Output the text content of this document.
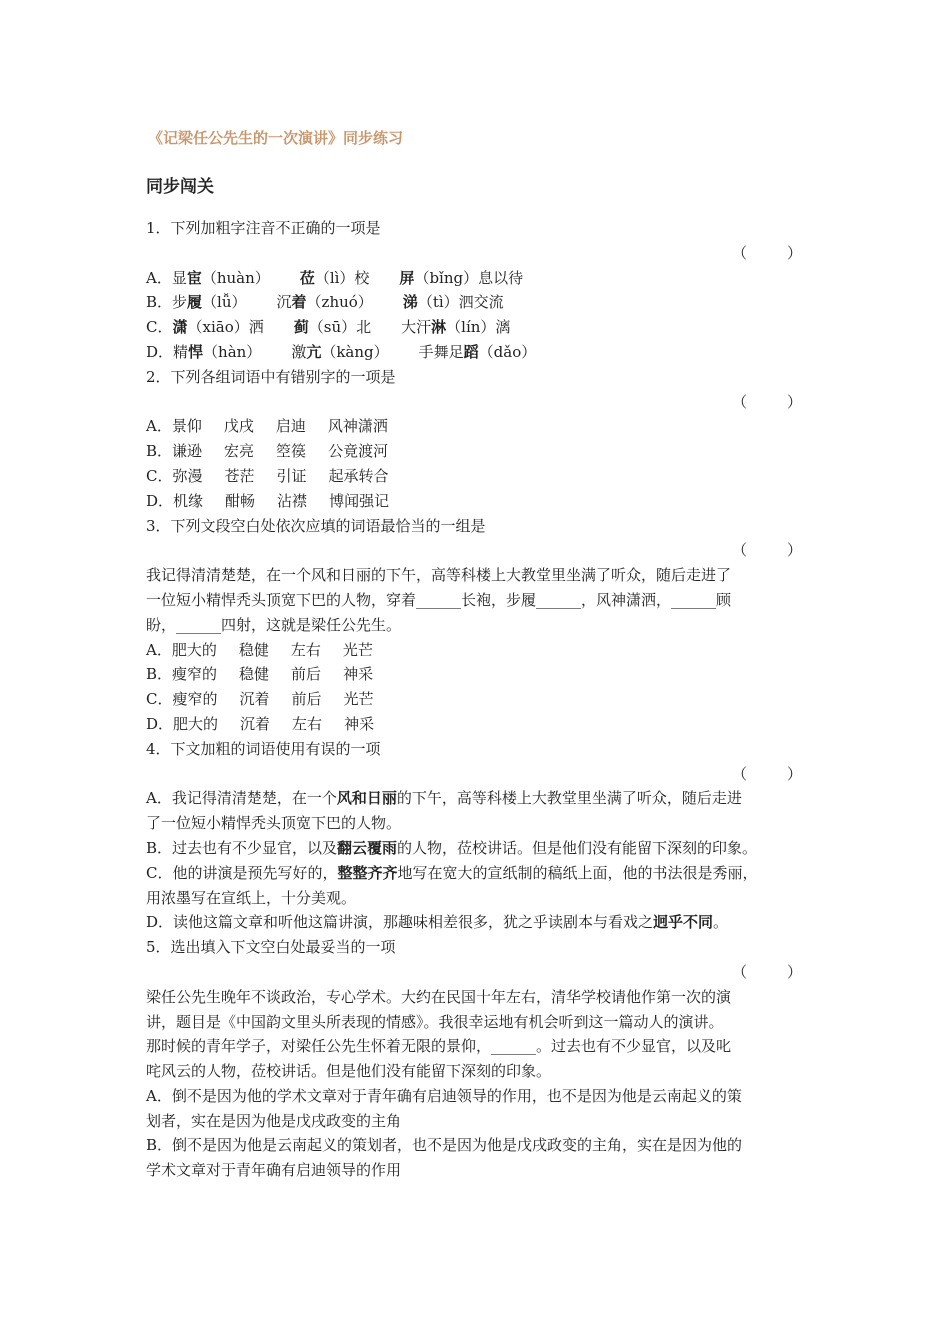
《记梁任公先生的一次演讲》同步练习
同步闯关
1．下列加粗字注音不正确的一项是
（	）
A．显宦（huàn） 莅（lì）校 屏（bǐng）息以待
B．步履（lǚ） 沉着（zhuó） 涕（tì）泗交流
C．潇（xiāo）洒 蓟（sū）北 大汗淋（lín）漓
D．精悍（hàn） 激亢（kàng） 手舞足蹈（dǎo）
2．下列各组词语中有错别字的一项是
（	）
A．景仰 戊戌 启迪 风神潇洒
B．谦逊 宏亮 箜篌 公竟渡河
C．弥漫 苍茫 引证 起承转合
D．机缘 酣畅 沾襟 博闻强记
3．下列文段空白处依次应填的词语最恰当的一组是
（	）
我记得清清楚楚，在一个风和日丽的下午，高等科楼上大教堂里坐满了听众，随后走进了
一位短小精悍秃头顶宽下巴的人物，穿着______长袍，步履______，风神潇洒，______顾
盼，______四射，这就是梁任公先生。
A．肥大的 稳健 左右 光芒
B．瘦窄的 稳健 前后 神采
C．瘦窄的 沉着 前后 光芒
D．肥大的 沉着 左右 神采
4．下文加粗的词语使用有误的一项
（	）
A．我记得清清楚楚，在一个风和日丽的下午，高等科楼上大教堂里坐满了听众，随后走进
了一位短小精悍秃头顶宽下巴的人物。
B．过去也有不少显官，以及翻云覆雨的人物，莅校讲话。但是他们没有能留下深刻的印象。
C．他的讲演是预先写好的，整整齐齐地写在宽大的宣纸制的稿纸上面，他的书法很是秀丽，
用浓墨写在宣纸上，十分美观。
D．读他这篇文章和听他这篇讲演，那趣味相差很多，犹之乎读剧本与看戏之迥乎不同。
5．选出填入下文空白处最妥当的一项
（	）
梁任公先生晚年不谈政治，专心学术。大约在民国十年左右，清华学校请他作第一次的演
讲，题目是《中国韵文里头所表现的情感》。我很幸运地有机会听到这一篇动人的演讲。
那时候的青年学子，对梁任公先生怀着无限的景仰，______。过去也有不少显官，以及叱
咤风云的人物，莅校讲话。但是他们没有能留下深刻的印象。
A．倒不是因为他的学术文章对于青年确有启迪领导的作用，也不是因为他是云南起义的策
划者，实在是因为他是戊戌政变的主角
B．倒不是因为他是云南起义的策划者，也不是因为他是戊戌政变的主角，实在是因为他的
学术文章对于青年确有启迪领导的作用
